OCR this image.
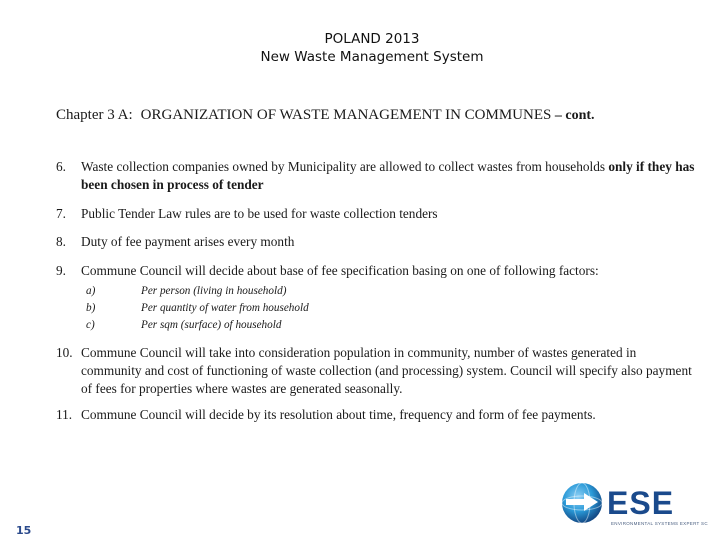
POLAND 2013
New Waste Management System
Chapter 3 A: ORGANIZATION OF WASTE MANAGEMENT IN COMMUNES – cont.
6. Waste collection companies owned by Municipality are allowed to collect wastes from households only if they has been chosen in process of tender
7. Public Tender Law rules are to be used for waste collection tenders
8. Duty of fee payment arises every month
9. Commune Council will decide about base of fee specification basing on one of following factors:
a)	Per person (living in household)
b)	Per quantity of water from household
c)	Per sqm (surface) of household
10. Commune Council will take into consideration population in community, number of wastes generated in community and cost of functioning of waste collection (and processing) system. Council will specify also payment of fees for properties where wastes are generated seasonally.
11. Commune Council will decide by its resolution about time, frequency and form of fee payments.
15
ESE
ENVIRONMENTAL SYSTEMS EXPERT SC
